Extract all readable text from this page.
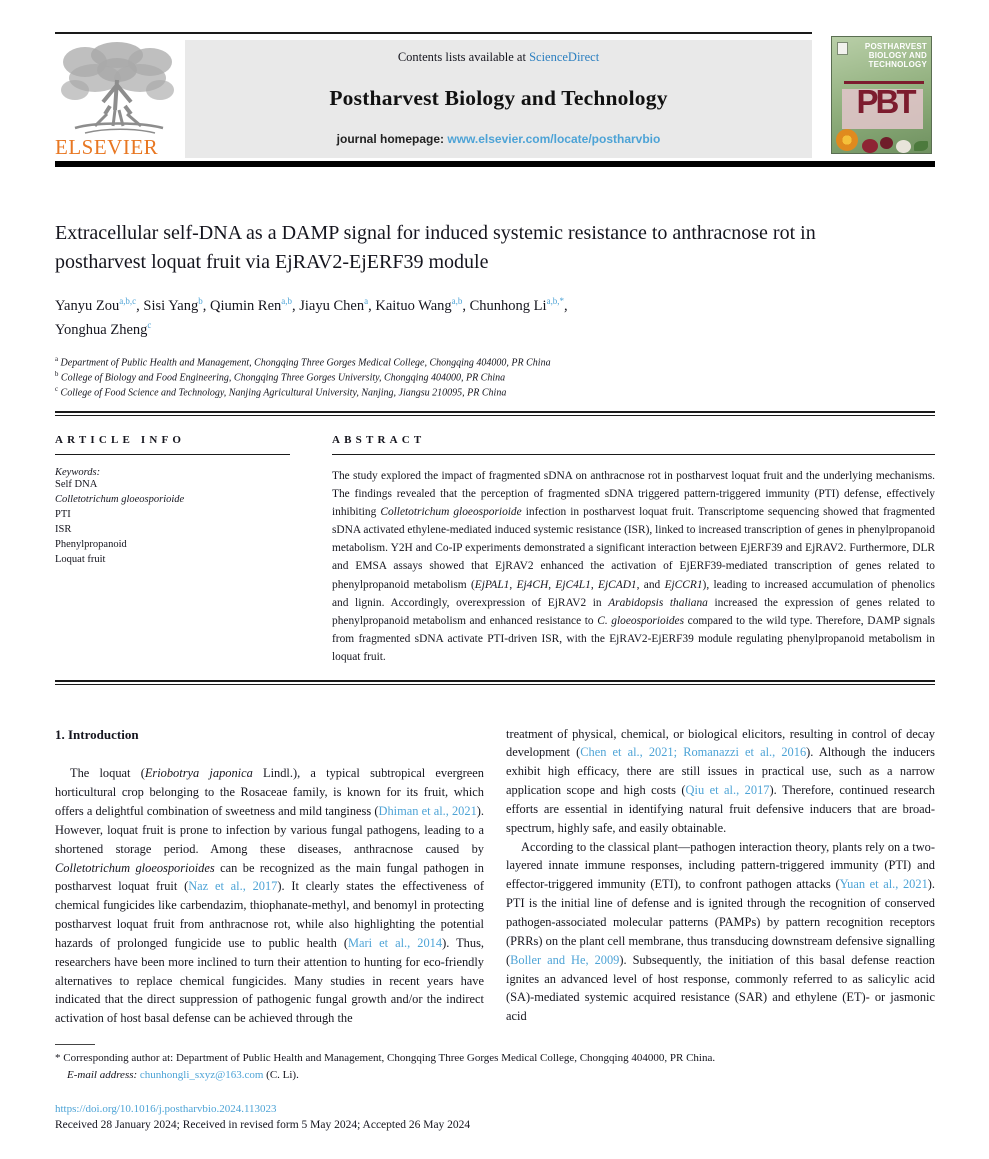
ELSEVIER
Contents lists available at ScienceDirect
Postharvest Biology and Technology
journal homepage: www.elsevier.com/locate/postharvbio
POSTHARVEST BIOLOGY AND TECHNOLOGY
PBT
Extracellular self-DNA as a DAMP signal for induced systemic resistance to anthracnose rot in postharvest loquat fruit via EjRAV2-EjERF39 module
Yanyu Zou$^{a,b,c}$, Sisi Yang$^b$, Qiumin Ren$^{a,b}$, Jiayu Chen$^a$, Kaituo Wang$^{a,b}$, Chunhong $Li^{a,b,*}$,
Yonghua Zheng$^c$
$^a$ Department of Public Health and Management, Chongqing Three Gorges Medical College, Chongqing 404000, PR China
$^b$ College of Biology and Food Engineering, Chongqing Three Gorges University, Chongqing 404000, PR China
$^c$ College of Food Science and Technology, Nanjing Agricultural University, Nanjing, Jiangsu 210095, PR China
ARTICLE INFO
Keywords:
Self DNA
Colletotrichum gloeosporioide
PTI
ISR
Phenylpropanoid
Loquat fruit
ABSTRACT
The study explored the impact of fragmented sDNA on anthracnose rot in postharvest loquat fruit and the underlying mechanisms. The findings revealed that the perception of fragmented sDNA triggered pattern-triggered immunity (PTI) defense, effectively inhibiting Colletotrichum gloeosporioide infection in postharvest loquat fruit. Transcriptome sequencing showed that fragmented sDNA activated ethylene-mediated induced systemic resistance (ISR), linked to increased transcription of genes in phenylpropanoid metabolism. Y2H and Co-IP experiments demonstrated a significant interaction between EjERF39 and EjRAV2. Furthermore, DLR and EMSA assays showed that EjRAV2 enhanced the activation of EjERF39-mediated transcription of genes related to phenylpropanoid metabolism (EjPAL1, Ej4CH, EjC4L1, EjCAD1, and EjCCR1), leading to increased accumulation of phenolics and lignin. Accordingly, overexpression of EjRAV2 in Arabidopsis thaliana increased the expression of genes related to phenylpropanoid metabolism and enhanced resistance to C. gloeosporioides compared to the wild type. Therefore, DAMP signals from fragmented sDNA activate PTI-driven ISR, with the EjRAV2-EjERF39 module regulating phenylpropanoid metabolism in loquat fruit.
1. Introduction
The loquat (Eriobotrya japonica Lindl.), a typical subtropical evergreen horticultural crop belonging to the Rosaceae family, is known for its fruit, which offers a delightful combination of sweetness and mild tanginess (Dhiman et al., 2021). However, loquat fruit is prone to infection by various fungal pathogens, leading to a shortened storage period. Among these diseases, anthracnose caused by Colletotrichum gloeosporioides can be recognized as the main fungal pathogen in postharvest loquat fruit (Naz et al., 2017). It clearly states the effectiveness of chemical fungicides like carbendazim, thiophanate-methyl, and benomyl in protecting postharvest loquat fruit from anthracnose rot, while also highlighting the potential hazards of prolonged fungicide use to public health (Mari et al., 2014). Thus, researchers have been more inclined to turn their attention to hunting for eco-friendly alternatives to replace chemical fungicides. Many studies in recent years have indicated that the direct suppression of pathogenic fungal growth and/or the indirect activation of host basal defense can be achieved through the
treatment of physical, chemical, or biological elicitors, resulting in control of decay development (Chen et al., 2021; Romanazzi et al., 2016). Although the inducers exhibit high efficacy, there are still issues in practical use, such as a narrow application scope and high costs (Qiu et al., 2017). Therefore, continued research efforts are essential in identifying natural fruit defensive inducers that are broad-spectrum, highly safe, and easily obtainable.
According to the classical plant—pathogen interaction theory, plants rely on a two-layered innate immune responses, including pattern-triggered immunity (PTI) and effector-triggered immunity (ETI), to confront pathogen attacks (Yuan et al., 2021). PTI is the initial line of defense and is ignited through the recognition of conserved pathogen-associated molecular patterns (PAMPs) by pattern recognition receptors (PRRs) on the plant cell membrane, thus transducing downstream defensive signalling (Boller and He, 2009). Subsequently, the initiation of this basal defense reaction ignites an advanced level of host response, commonly referred to as salicylic acid (SA)-mediated systemic acquired resistance (SAR) and ethylene (ET)- or jasmonic acid
* Corresponding author at: Department of Public Health and Management, Chongqing Three Gorges Medical College, Chongqing 404000, PR China.
E-mail address: chunhongli_sxyz@163.com (C. Li).
https://doi.org/10.1016/j.postharvbio.2024.113023
Received 28 January 2024; Received in revised form 5 May 2024; Accepted 26 May 2024
